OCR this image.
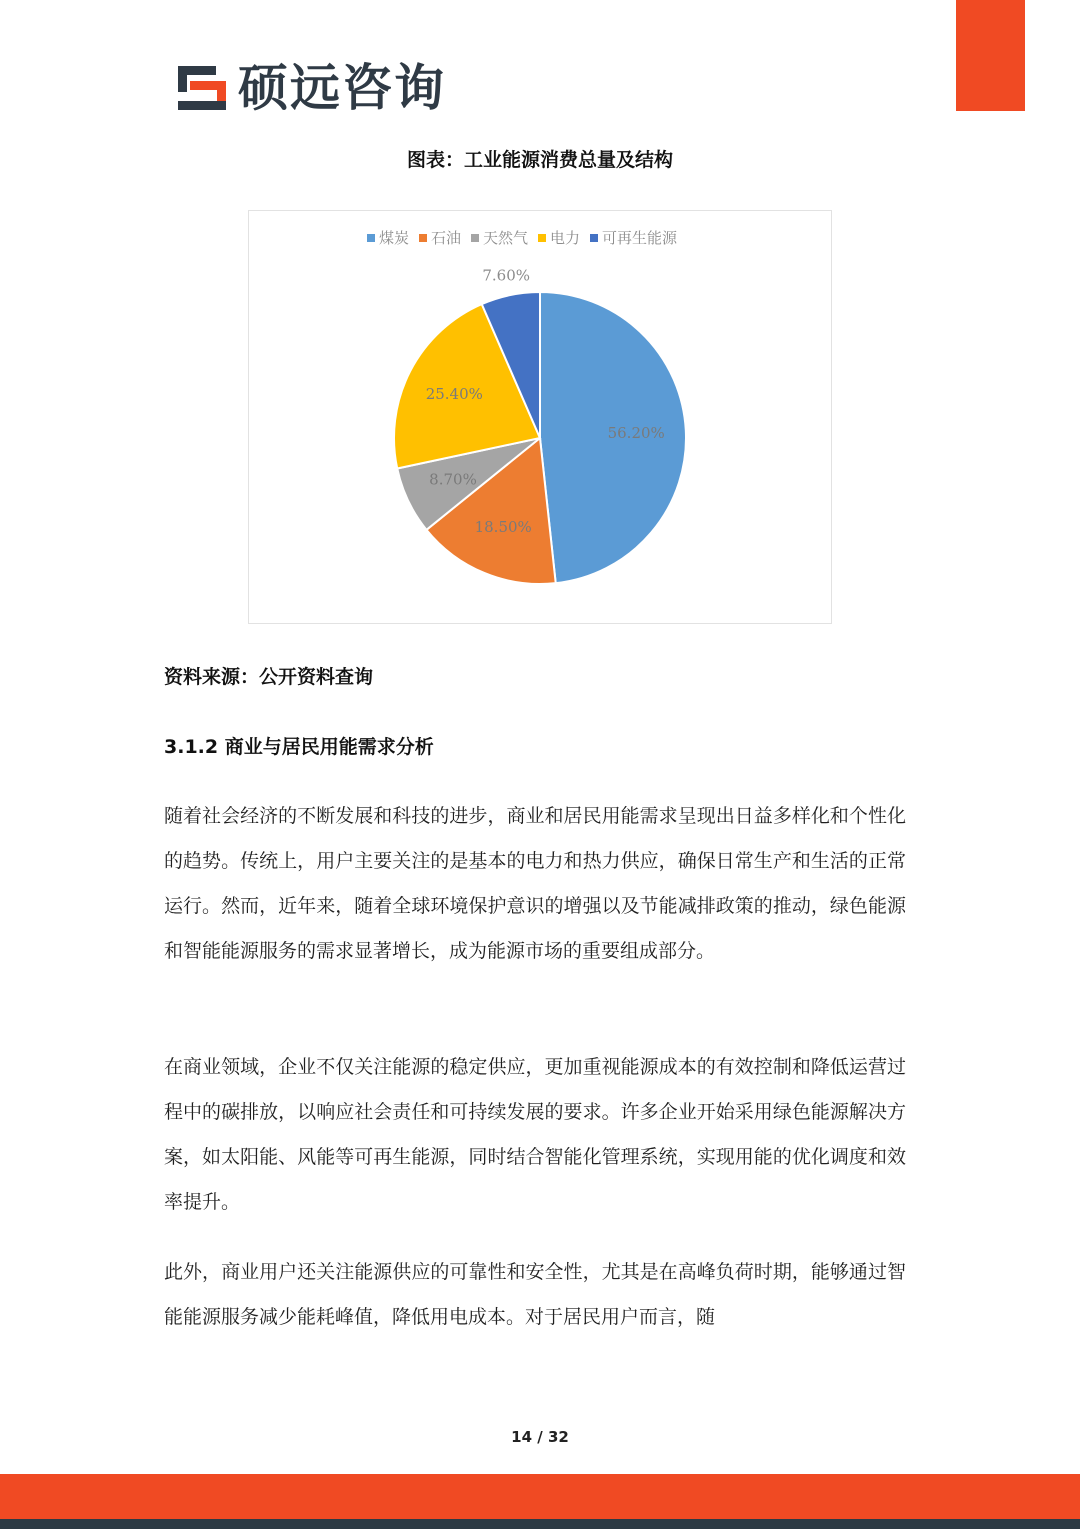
硕远咨询
图表：工业能源消费总量及结构
煤炭 石油 天然气 电力 可再生能源
56.20%
18.50%
8.70%
25.40%
7.60%
资料来源：公开资料查询
3.1.2 商业与居民用能需求分析

随着社会经济的不断发展和科技的进步，商业和居民用能需求呈现出日益多样化和个性化的趋势。传统上，用户主要关注的是基本的电力和热力供应，确保日常生产和生活的正常运行。然而，近年来，随着全球环境保护意识的增强以及节能减排政策的推动，绿色能源和智能能源服务的需求显著增长，成为能源市场的重要组成部分。

在商业领域，企业不仅关注能源的稳定供应，更加重视能源成本的有效控制和降低运营过程中的碳排放，以响应社会责任和可持续发展的要求。许多企业开始采用绿色能源解决方案，如太阳能、风能等可再生能源，同时结合智能化管理系统，实现用能的优化调度和效率提升。

此外，商业用户还关注能源供应的可靠性和安全性，尤其是在高峰负荷时期，能够通过智能能源服务减少能耗峰值，降低用电成本。对于居民用户而言，随

14 / 32
